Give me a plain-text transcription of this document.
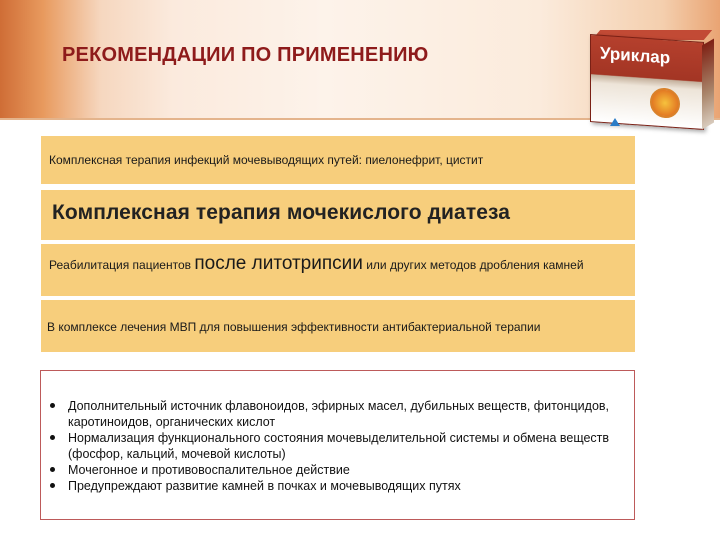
РЕКОМЕНДАЦИИ ПО ПРИМЕНЕНИЮ	Уриклар
Комплексная терапия инфекций мочевыводящих путей: пиелонефрит, цистит
Комплексная терапия мочекислого диатеза
Реабилитация пациентов после литотрипсии или других методов дробления камней
В комплексе лечения МВП для повышения эффективности антибактериальной терапии
Дополнительный источник флавоноидов, эфирных масел, дубильных веществ, фитонцидов, каротиноидов, органических кислот
Нормализация функционального состояния мочевыделительной системы и обмена веществ (фосфор, кальций, мочевой кислоты)
Мочегонное и противовоспалительное действие
Предупреждают развитие камней в почках и мочевыводящих путях
